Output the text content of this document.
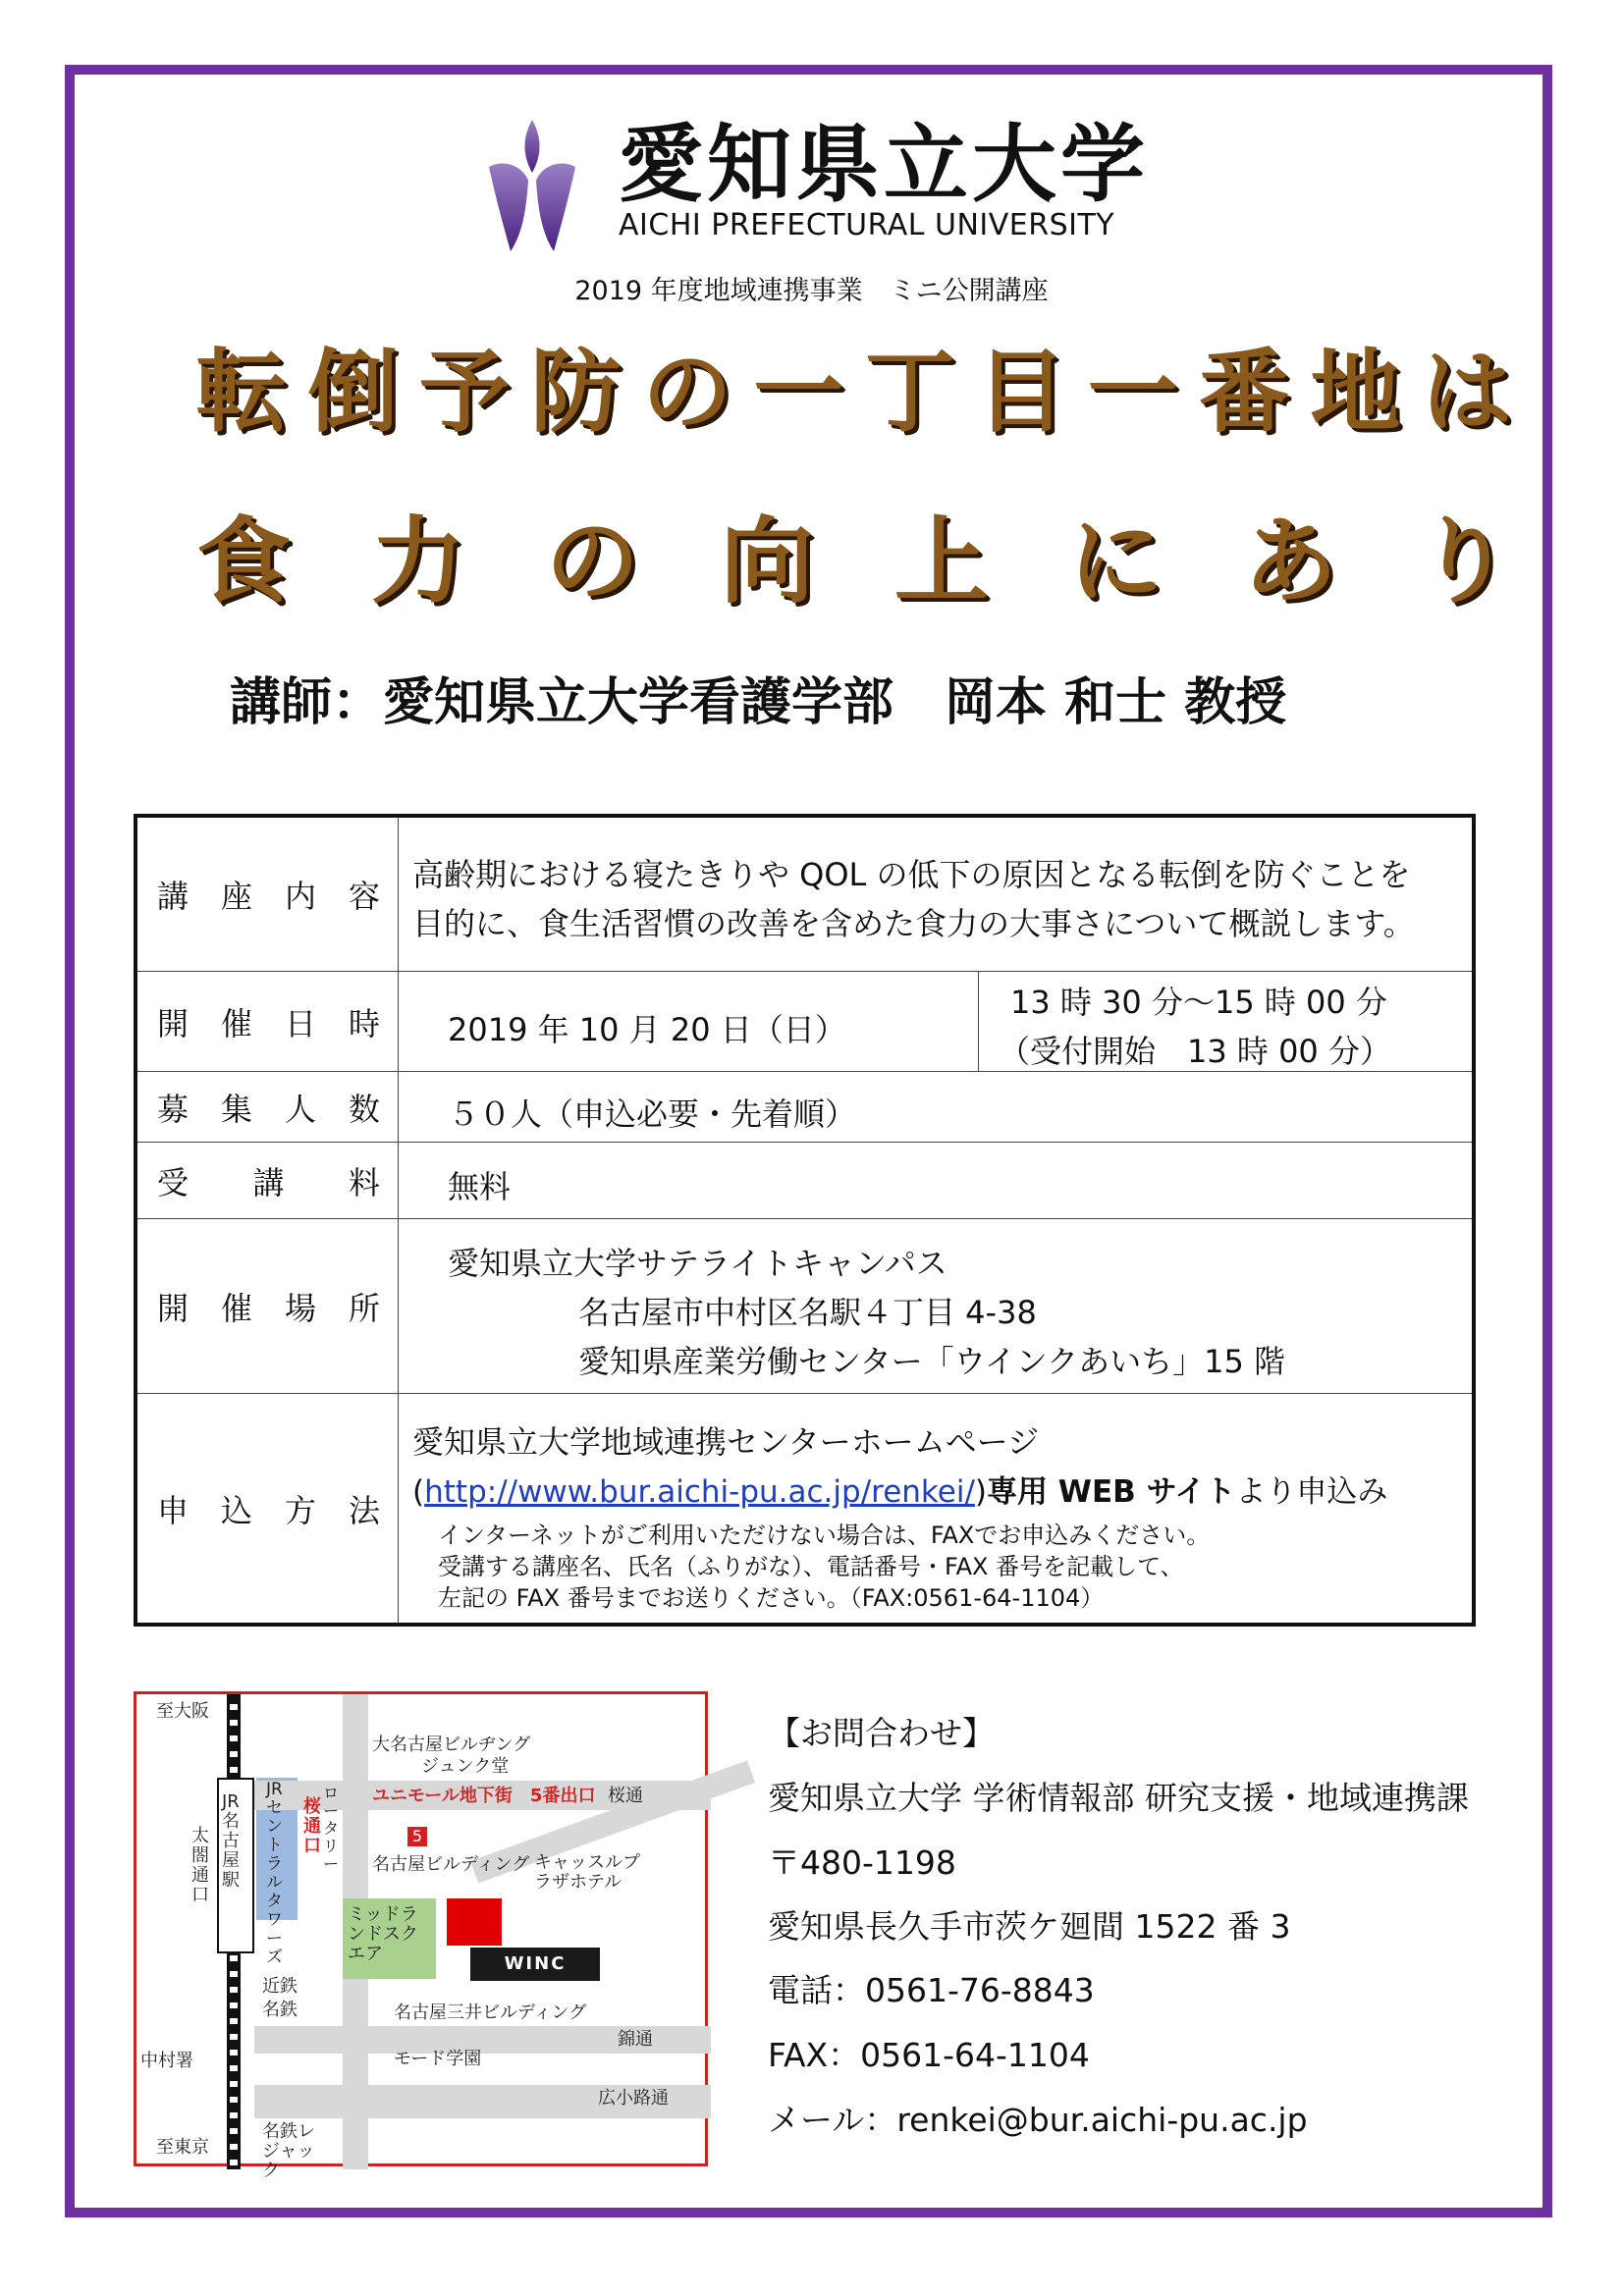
愛知県立大学
AICHI PREFECTURAL UNIVERSITY
2019 年度地域連携事業　ミニ公開講座
転 倒 予 防 の 一 丁 目 一 番 地 は
食 力 の 向 上 に あ り
講師：愛知県立大学看護学部　岡本 和士 教授
講 座 内 容
高齢期における寝たきりや QOL の低下の原因となる転倒を防ぐことを
目的に、食生活習慣の改善を含めた食力の大事さについて概説します。
開 催 日 時 2019 年 10 月 20 日（日）
13 時 30 分～15 時 00 分
（受付開始　13 時 00 分）
募 集 人 数 ５０人（申込必要・先着順）
受 講 料 無料
開 催 場 所
愛知県立大学サテライトキャンパス
名古屋市中村区名駅４丁目 4-38
愛知県産業労働センター「ウインクあいち」15 階
申 込 方 法
愛知県立大学地域連携センターホームページ
(http://www.bur.aichi-pu.ac.jp/renkei/)専用 WEB サイトより申込み
インターネットがご利用いただけない場合は、FAXでお申込みください。
受講する講座名、氏名（ふりがな）、電話番号・FAX 番号を記載して、
左記の FAX 番号までお送りください。（FAX:0561-64-1104）
WINC AICHI
至大阪
至東京
JR名古屋駅
太閤通口
JRセントラルタワーズ
桜通口
ロータリー
大名古屋ビルヂング
ジュンク堂
ユニモール地下街　5番出口 桜通
5
名古屋ビルディング キャッスルプラザホテル
ミッドランドスクエア
近鉄
名鉄	名古屋三井ビルディング
錦通
モード学園
広小路通
中村署
名鉄レジャック
【お問合わせ】
愛知県立大学 学術情報部 研究支援・地域連携課
〒480-1198
愛知県長久手市茨ケ廻間 1522 番 3
電話：0561-76-8843
FAX：0561-64-1104
メール：renkei@bur.aichi-pu.ac.jp
